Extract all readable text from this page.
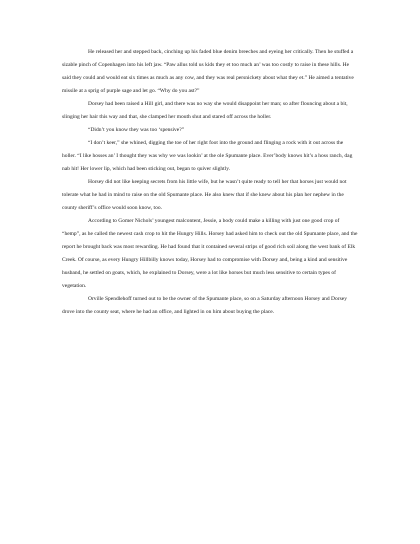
He released her and stepped back, cinching up his faded blue denim breeches and eyeing her critically. Then he stuffed a sizable pinch of Copenhagen into his left jaw. “Paw allus told us kids they et too much an’ was too costly to raise in these hills. He said they could and would eat six times as much as any cow, and they was real persnickety about what they et.” He aimed a tentative missile at a sprig of purple sage and let go. “Why do you ast?”

Dorsey had been raised a Hill girl, and there was no way she would disappoint her man; so after flouncing about a bit, slinging her hair this way and that, she clamped her mouth shut and stared off across the holler.

“Didn’t you know they was too ‘spensive?”

“I don’t keer,” she whined, digging the toe of her right foot into the ground and flinging a rock with it out across the holler. “I like hosses an’ I thought they was why we was lookin’ at the ole Spumante place. Ever’body knows hit’s a hoss ranch, dag nab hit! Her lower lip, which had been sticking out, began to quiver slightly.

Horsey did not like keeping secrets from his little wife, but he wasn’t quite ready to tell her that horses just would not tolerate what he had in mind to raise on the old Spumante place. He also knew that if she knew about his plan her nephew in the county sheriff’s office would soon know, too.

According to Gomer Nichols’ youngest malcontent, Jessie, a body could make a killing with just one good crop of “hemp”, as he called the newest cash crop to hit the Hungry Hills. Horsey had asked him to check out the old Spumante place, and the report he brought back was most rewarding. He had found that it contained several strips of good rich soil along the west bank of Elk Creek. Of course, as every Hungry Hillbilly knows today, Horsey had to compromise with Dorsey and, being a kind and sensitive husband, he settled on goats, which, he explained to Dorsey, were a lot like horses but much less sensitive to certain types of vegetation.

Orville Spendlehoff turned out to be the owner of the Spumante place, so on a Saturday afternoon Horsey and Dorsey drove into the county seat, where he had an office, and lighted in on him about buying the place.
